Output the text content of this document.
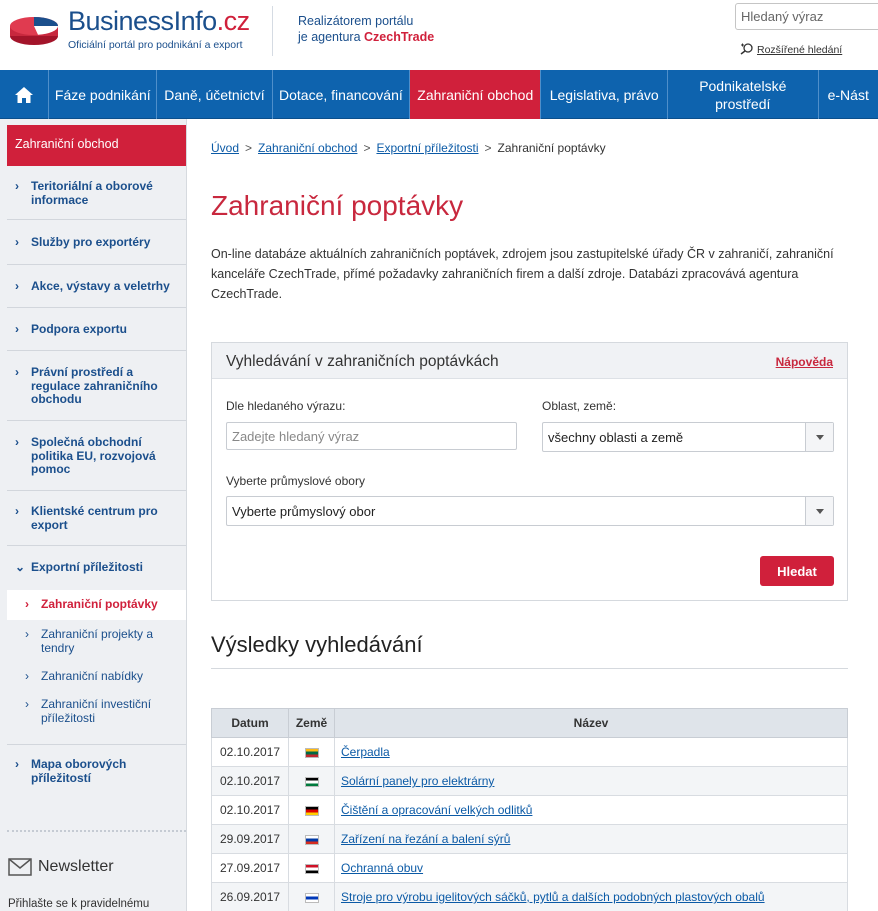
BusinessInfo.cz
Oficiální portál pro podnikání a export
Realizátorem portálu
je agentura CzechTrade
Hledaný výraz
Rozšířené hledání
Fáze podnikání Daně, účetnictví	Dotace, financování	Zahraniční obchod	Legislativa, právo
Podnikatelské prostředí
e-Nást
Zahraniční obchod
› Teritoriální a oborové informace
› Služby pro exportéry
› Akce, výstavy a veletrhy
› Podpora exportu
› Právní prostředí a regulace zahraničního obchodu
› Společná obchodní politika EU, rozvojová pomoc
› Klientské centrum pro export
⌄ Exportní příležitosti
› Zahraniční poptávky
› Zahraniční projekty a tendry
› Zahraniční nabídky
› Zahraniční investiční příležitosti
› Mapa oborových příležitostí
Newsletter
Přihlašte se k pravidelnému
Úvod > Zahraniční obchod > Exportní příležitosti > Zahraniční poptávky
Zahraniční poptávky

On-line databáze aktuálních zahraničních poptávek, zdrojem jsou zastupitelské úřady ČR v zahraničí, zahraniční kanceláře CzechTrade, přímé požadavky zahraničních firem a další zdroje. Databázi zpracovává agentura CzechTrade.

Vyhledávání v zahraničních poptávkách	Nápověda
Dle hledaného výrazu:
Zadejte hledaný výraz	Oblast, země:
všechny oblasti a země
Vyberte průmyslové obory
Vyberte průmyslový obor
Hledat
Výsledky vyhledávání
Datum	Země	Název
02.10.2017		Čerpadla
02.10.2017		Solární panely pro elektrárny
02.10.2017		Čištění a opracování velkých odlitků
29.09.2017		Zařízení na řezání a balení sýrů
27.09.2017		Ochranná obuv
26.09.2017		Stroje pro výrobu igelitových sáčků, pytlů a dalších podobných plastových obalů
